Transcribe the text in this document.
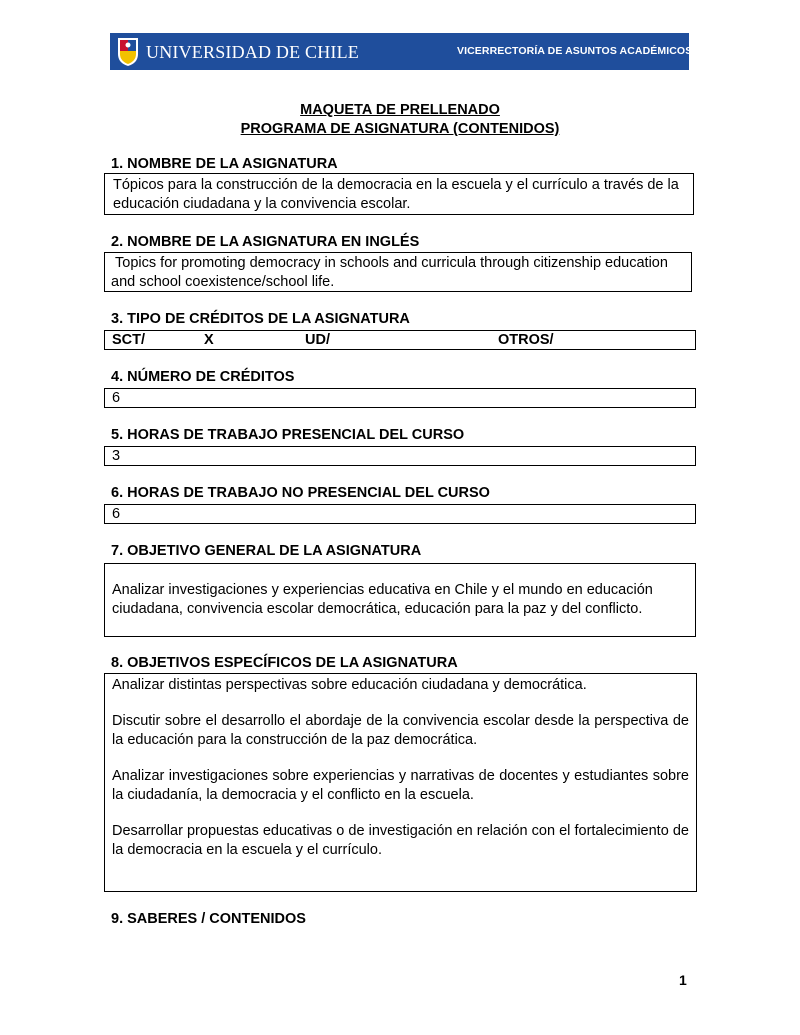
UNIVERSIDAD DE CHILE	VICERRECTORÍA DE ASUNTOS ACADÉMICOS
MAQUETA DE PRELLENADO
PROGRAMA DE ASIGNATURA (CONTENIDOS)
1. NOMBRE DE LA ASIGNATURA

Tópicos para la construcción de la democracia en la escuela y el currículo a través de la educación ciudadana y la convivencia escolar.

2. NOMBRE DE LA ASIGNATURA EN INGLÉS

Topics for promoting democracy in schools and curricula through citizenship education and school coexistence/school life.

3. TIPO DE CRÉDITOS DE LA ASIGNATURA
SCT/	X	UD/	OTROS/
4. NÚMERO DE CRÉDITOS

6

5. HORAS DE TRABAJO PRESENCIAL DEL CURSO

3

6. HORAS DE TRABAJO NO PRESENCIAL DEL CURSO

6

7. OBJETIVO GENERAL DE LA ASIGNATURA

Analizar investigaciones y experiencias educativa en Chile y el mundo en educación ciudadana, convivencia escolar democrática, educación para la paz y del conflicto.

8. OBJETIVOS ESPECÍFICOS DE LA ASIGNATURA

Analizar distintas perspectivas sobre educación ciudadana y democrática.

Discutir sobre el desarrollo el abordaje de la convivencia escolar desde la perspectiva de la educación para la construcción de la paz democrática.

Analizar investigaciones sobre experiencias y narrativas de docentes y estudiantes sobre la ciudadanía, la democracia y el conflicto en la escuela.

Desarrollar propuestas educativas o de investigación en relación con el fortalecimiento de la democracia en la escuela y el currículo.

9. SABERES / CONTENIDOS
1
